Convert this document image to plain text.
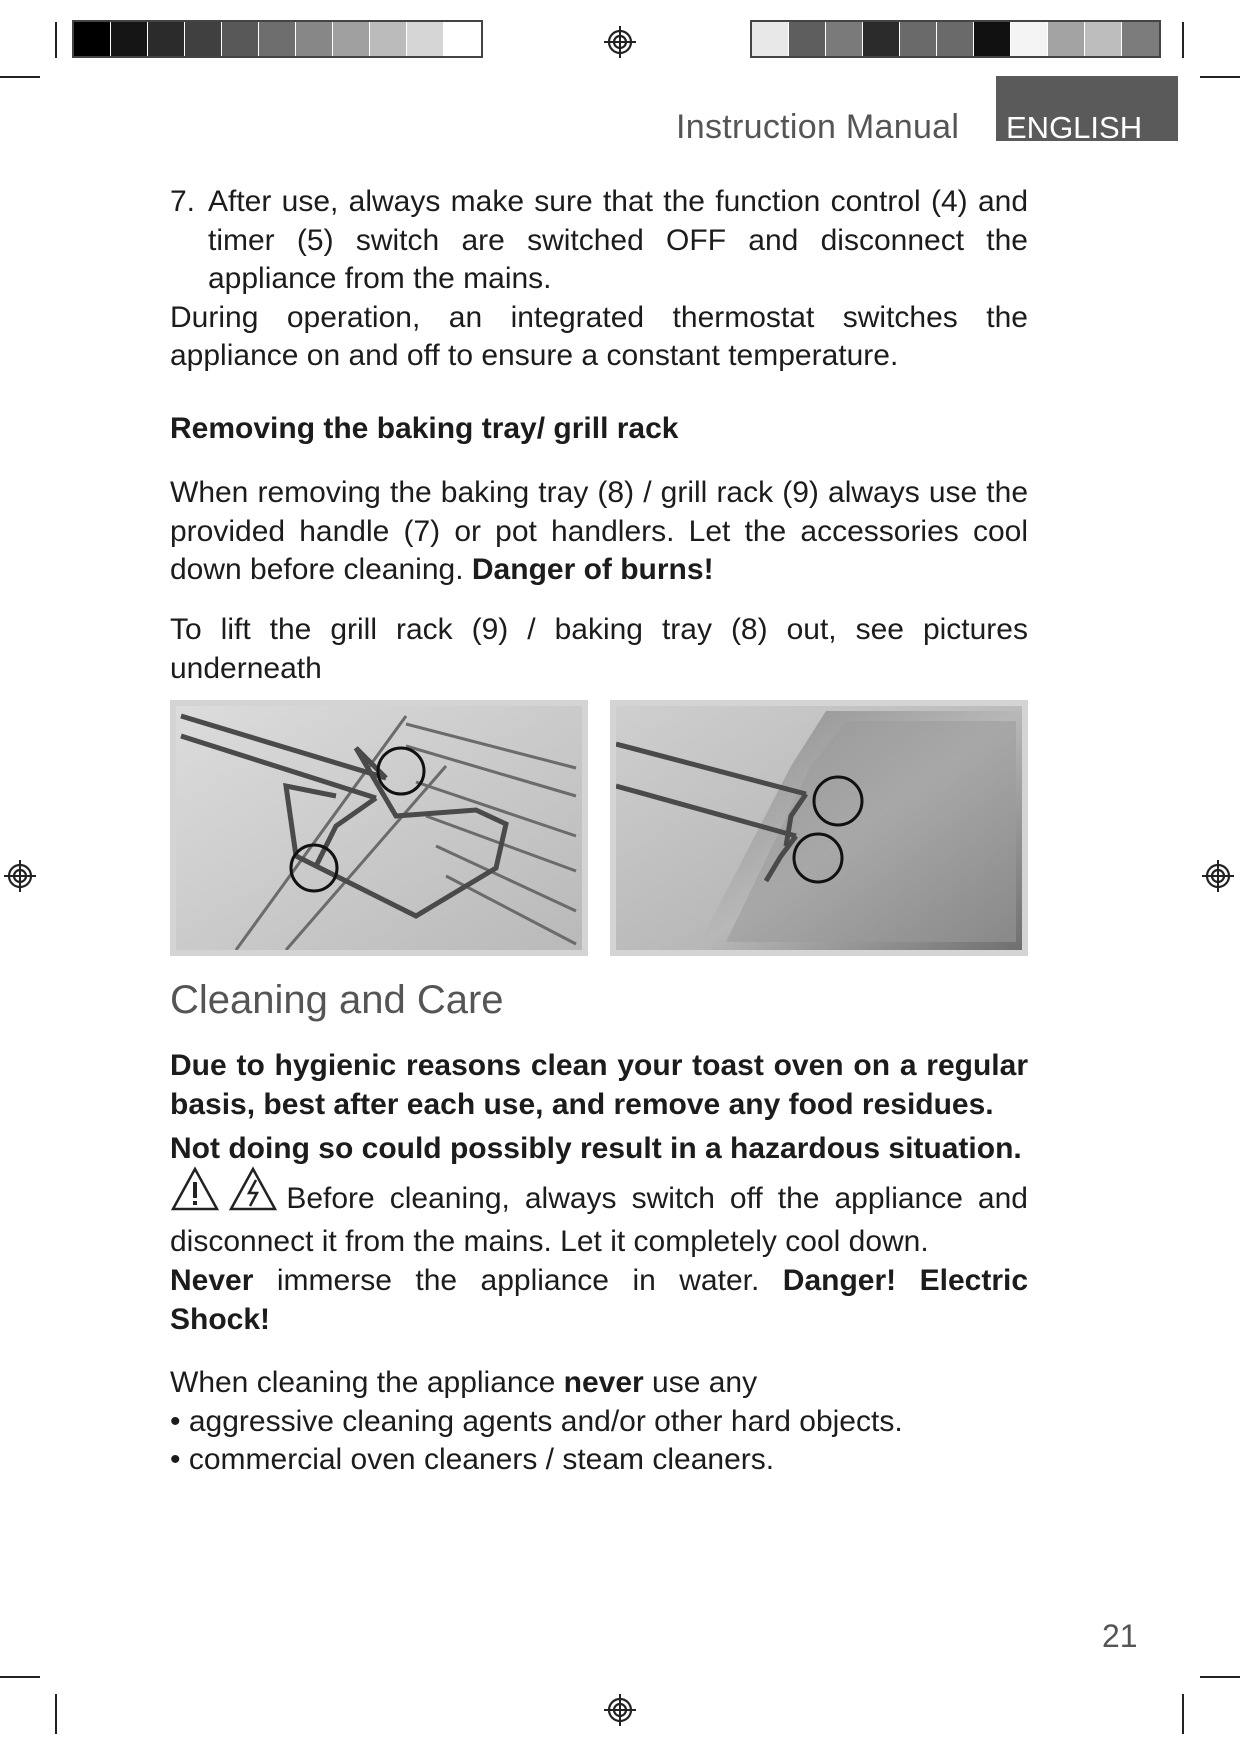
Instruction Manual ENGLISH
7. After use, always make sure that the function control (4) and timer (5) switch are switched OFF and disconnect the appliance from the mains.
During operation, an integrated thermostat switches the appliance on and off to ensure a constant temperature.
Removing the baking tray/ grill rack
When removing the baking tray (8) / grill rack (9) always use the provided handle (7) or pot handlers. Let the accessories cool down before cleaning. Danger of burns!
To lift the grill rack (9) / baking tray (8) out, see pictures underneath
Cleaning and Care
Due to hygienic reasons clean your toast oven on a regular basis, best after each use, and remove any food residues.
Not doing so could possibly result in a hazardous situation.
Before cleaning, always switch off the appliance and disconnect it from the mains. Let it completely cool down.
Never immerse the appliance in water. Danger! Electric Shock!
When cleaning the appliance never use any
• aggressive cleaning agents and/or other hard objects.
• commercial oven cleaners / steam cleaners.
21
